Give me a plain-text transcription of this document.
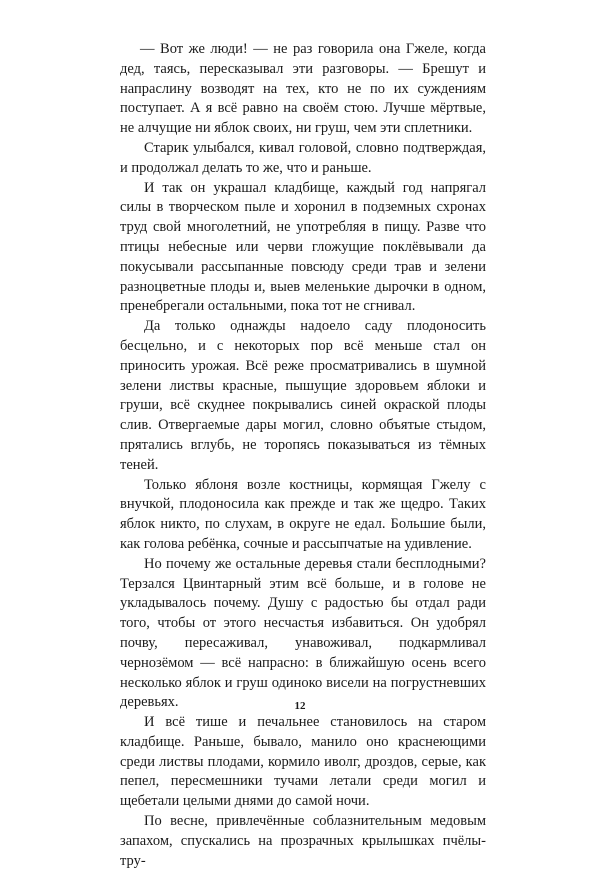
— Вот же люди! — не раз говорила она Гжеле, когда дед, таясь, пересказывал эти разговоры. — Брешут и напраслину возводят на тех, кто не по их суждениям поступает. А я всё равно на своём стою. Лучше мёртвые, не алчущие ни яблок своих, ни груш, чем эти сплетники.

Старик улыбался, кивал головой, словно подтверждая, и продолжал делать то же, что и раньше.

И так он украшал кладбище, каждый год напрягал силы в творческом пыле и хоронил в подземных схронах труд свой многолетний, не употребляя в пищу. Разве что птицы небесные или черви гложущие поклёвывали да покусывали рассыпанные повсюду среди трав и зелени разноцветные плоды и, выев меленькие дырочки в одном, пренебрегали остальными, пока тот не сгнивал.

Да только однажды надоело саду плодоносить бесцельно, и с некоторых пор всё меньше стал он приносить урожая. Всё реже просматривались в шумной зелени листвы красные, пышущие здоровьем яблоки и груши, всё скуднее покрывались синей окраской плоды слив. Отвергаемые дары могил, словно объятые стыдом, прятались вглубь, не торопясь показываться из тёмных теней.

Только яблоня возле костницы, кормящая Гжелу с внучкой, плодоносила как прежде и так же щедро. Таких яблок никто, по слухам, в округе не едал. Большие были, как голова ребёнка, сочные и рассыпчатые на удивление.

Но почему же остальные деревья стали бесплодными? Терзался Цвинтарный этим всё больше, и в голове не укладывалось почему. Душу с радостью бы отдал ради того, чтобы от этого несчастья избавиться. Он удобрял почву, пересаживал, унавоживал, подкармливал чернозёмом — всё напрасно: в ближайшую осень всего несколько яблок и груш одиноко висели на погрустневших деревьях.

И всё тише и печальнее становилось на старом кладбище. Раньше, бывало, манило оно краснеющими среди листвы плодами, кормило иволг, дроздов, серые, как пепел, пересмешники тучами летали среди могил и щебетали целыми днями до самой ночи.

По весне, привлечённые соблазнительным медовым запахом, спускались на прозрачных крылышках пчёлы-тру-

12
